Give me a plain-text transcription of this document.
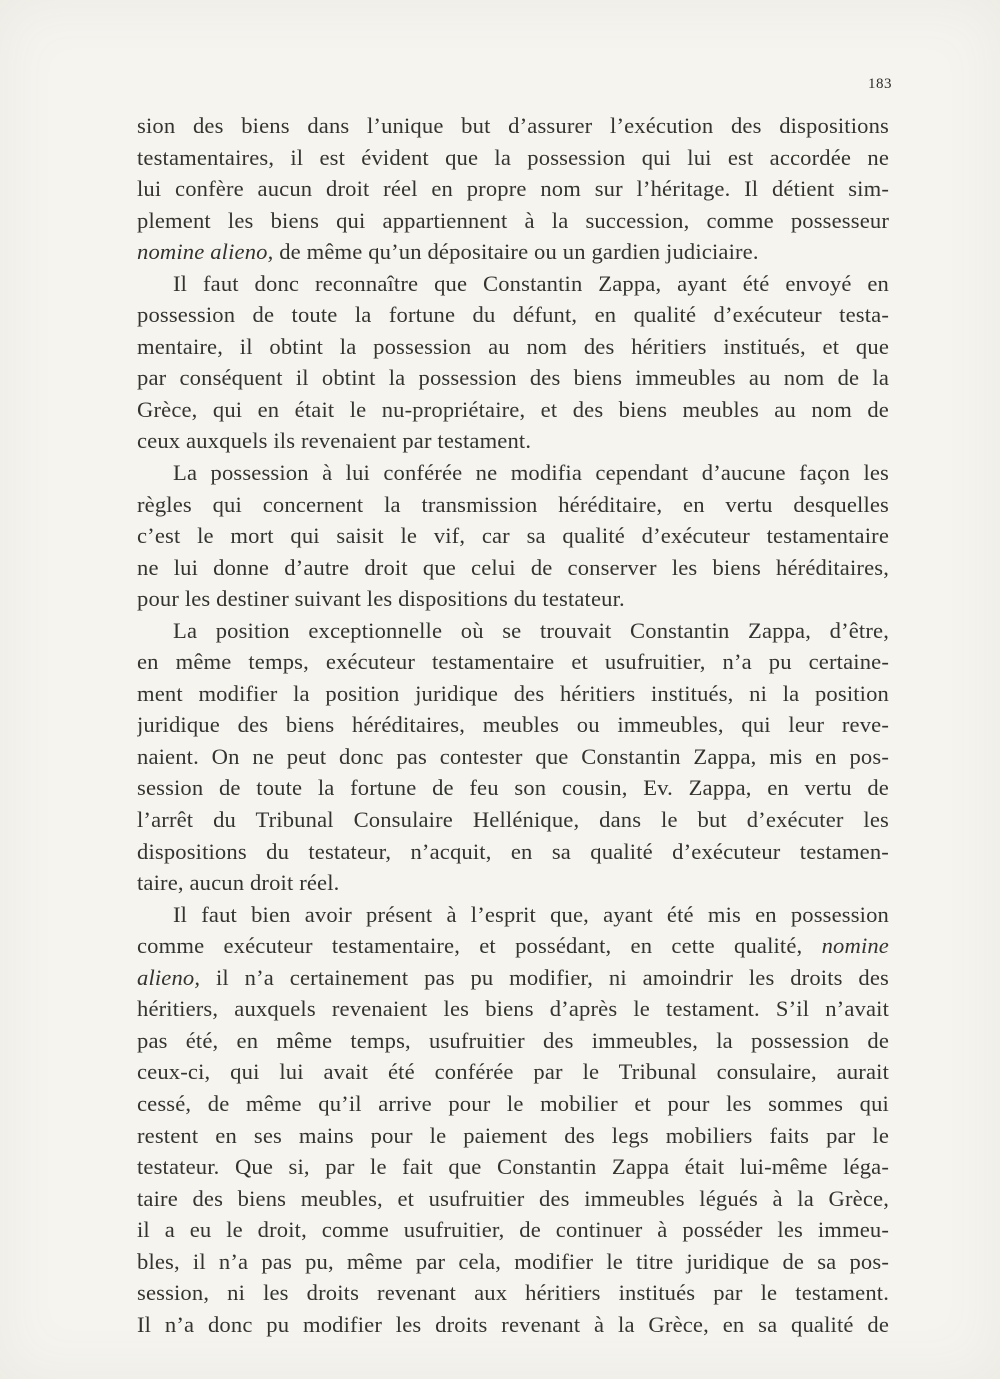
183
sion des biens dans l’unique but d’assurer l’exécution des dispositions
testamentaires, il est évident que la possession qui lui est accordée ne
lui confère aucun droit réel en propre nom sur l’héritage. Il détient sim-
plement les biens qui appartiennent à la succession, comme possesseur
nomine alieno, de même qu’un dépositaire ou un gardien judiciaire.
Il faut donc reconnaître que Constantin Zappa, ayant été envoyé en
possession de toute la fortune du défunt, en qualité d’exécuteur testa-
mentaire, il obtint la possession au nom des héritiers institués, et que
par conséquent il obtint la possession des biens immeubles au nom de la
Grèce, qui en était le nu-propriétaire, et des biens meubles au nom de
ceux auxquels ils revenaient par testament.
La possession à lui conférée ne modifia cependant d’aucune façon les
règles qui concernent la transmission héréditaire, en vertu desquelles
c’est le mort qui saisit le vif, car sa qualité d’exécuteur testamentaire
ne lui donne d’autre droit que celui de conserver les biens héréditaires,
pour les destiner suivant les dispositions du testateur.
La position exceptionnelle où se trouvait Constantin Zappa, d’être,
en même temps, exécuteur testamentaire et usufruitier, n’a pu certaine-
ment modifier la position juridique des héritiers institués, ni la position
juridique des biens héréditaires, meubles ou immeubles, qui leur reve-
naient. On ne peut donc pas contester que Constantin Zappa, mis en pos-
session de toute la fortune de feu son cousin, Ev. Zappa, en vertu de
l’arrêt du Tribunal Consulaire Hellénique, dans le but d’exécuter les
dispositions du testateur, n’acquit, en sa qualité d’exécuteur testamen-
taire, aucun droit réel.
Il faut bien avoir présent à l’esprit que, ayant été mis en possession
comme exécuteur testamentaire, et possédant, en cette qualité, nomine
alieno, il n’a certainement pas pu modifier, ni amoindrir les droits des
héritiers, auxquels revenaient les biens d’après le testament. S’il n’avait
pas été, en même temps, usufruitier des immeubles, la possession de
ceux-ci, qui lui avait été conférée par le Tribunal consulaire, aurait
cessé, de même qu’il arrive pour le mobilier et pour les sommes qui
restent en ses mains pour le paiement des legs mobiliers faits par le
testateur. Que si, par le fait que Constantin Zappa était lui-même léga-
taire des biens meubles, et usufruitier des immeubles légués à la Grèce,
il a eu le droit, comme usufruitier, de continuer à posséder les immeu-
bles, il n’a pas pu, même par cela, modifier le titre juridique de sa pos-
session, ni les droits revenant aux héritiers institués par le testament.
Il n’a donc pu modifier les droits revenant à la Grèce, en sa qualité de
